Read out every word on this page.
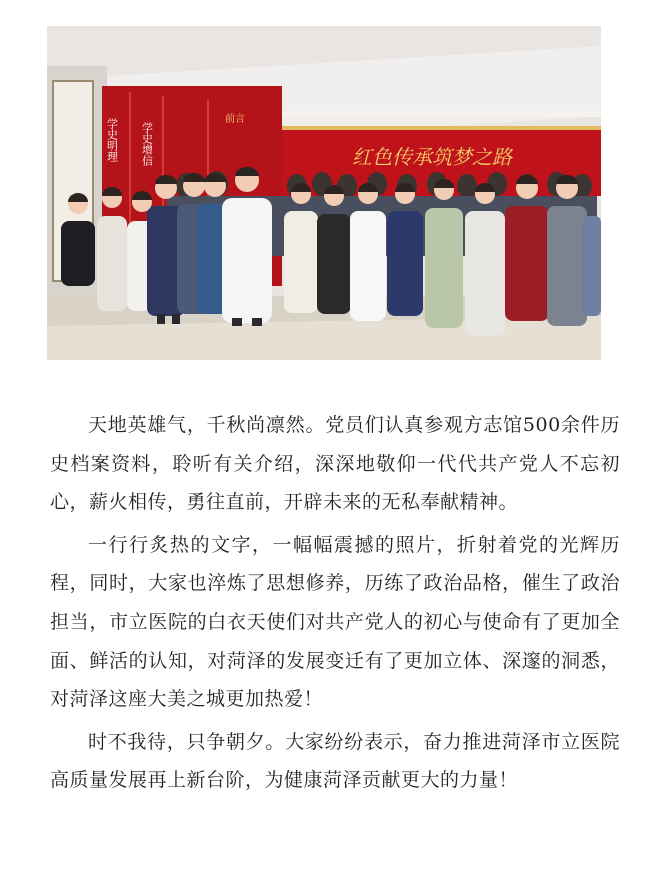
学史明理 学史增信
前言
红色传承筑梦之路

天地英雄气，千秋尚凛然。党员们认真参观方志馆500余件历史档案资料，聆听有关介绍，深深地敬仰一代代共产党人不忘初心，薪火相传，勇往直前，开辟未来的无私奉献精神。

一行行炙热的文字，一幅幅震撼的照片，折射着党的光辉历程，同时，大家也淬炼了思想修养，历练了政治品格，催生了政治担当，市立医院的白衣天使们对共产党人的初心与使命有了更加全面、鲜活的认知，对菏泽的发展变迁有了更加立体、深邃的洞悉，对菏泽这座大美之城更加热爱！

时不我待，只争朝夕。大家纷纷表示，奋力推进菏泽市立医院高质量发展再上新台阶，为健康菏泽贡献更大的力量！
